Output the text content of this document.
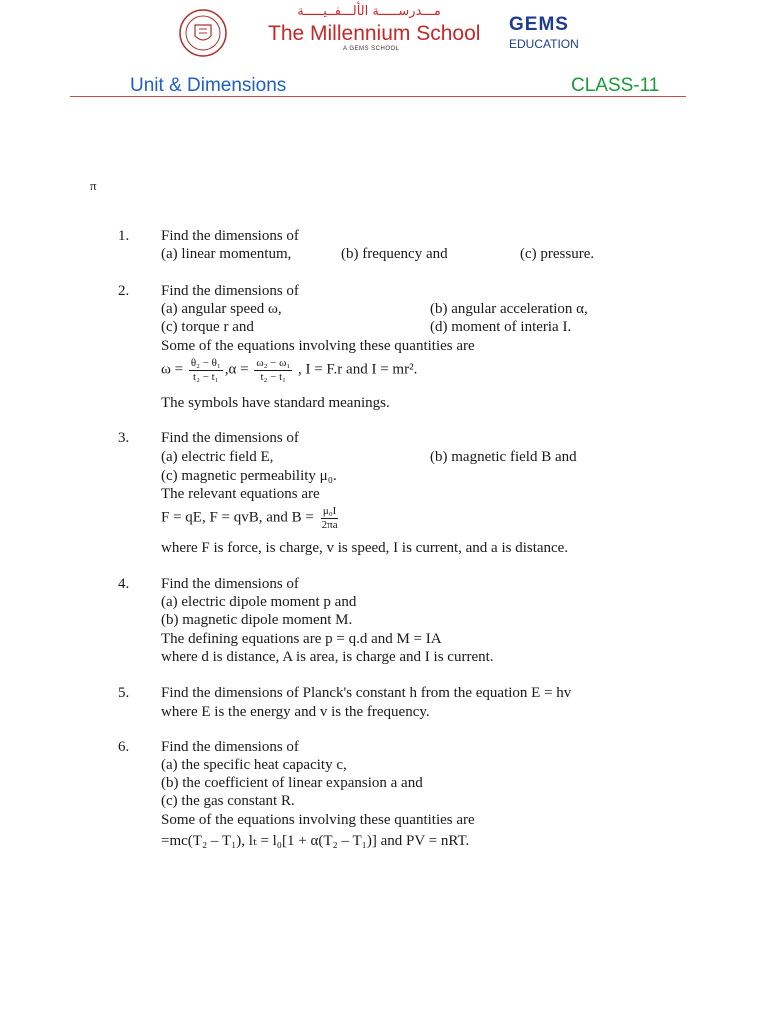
مـــدرســـــة الألـــفــيـــــة
The Millennium School
A GEMS SCHOOL
GEMS
EDUCATION
Unit & Dimensions	CLASS-11
π
1. Find the dimensions of
(a) linear momentum,	(b) frequency and	(c) pressure.
2. Find the dimensions of
(a) angular speed ω,	(b) angular acceleration α,
(c) torque r and	(d) moment of interia I.
Some of the equations involving these quantities are
$\omega = \frac{\text{θ₂ − θ₁}}{\text{t₂ − t₁}} ,\alpha = \frac{\text{ω₂ − ω₁}}{\text{t₂ − t₁}}$ , I = F.r and I = mr².
The symbols have standard meanings.
3. Find the dimensions of
(a) electric field E,	(b) magnetic field B and
(c) magnetic permeability μ₀.
The relevant equations are
F = qE, F = qvB, and $B = \frac{\text{μ₀I}}{2\pi a}$
where F is force, is charge, v is speed, I is current, and a is distance.
4. Find the dimensions of
(a) electric dipole moment p and
(b) magnetic dipole moment M.
The defining equations are p = q.d and M = IA
where d is distance, A is area, is charge and I is current.
5. Find the dimensions of Planck's constant h from the equation E = hv
where E is the energy and v is the frequency.
6. Find the dimensions of
(a) the specific heat capacity c,
(b) the coefficient of linear expansion a and
(c) the gas constant R.
Some of the equations involving these quantities are
=mc(T₂ – T₁), lₜ = l₀[1 + α(T₂ – T₁)] and PV = nRT.
